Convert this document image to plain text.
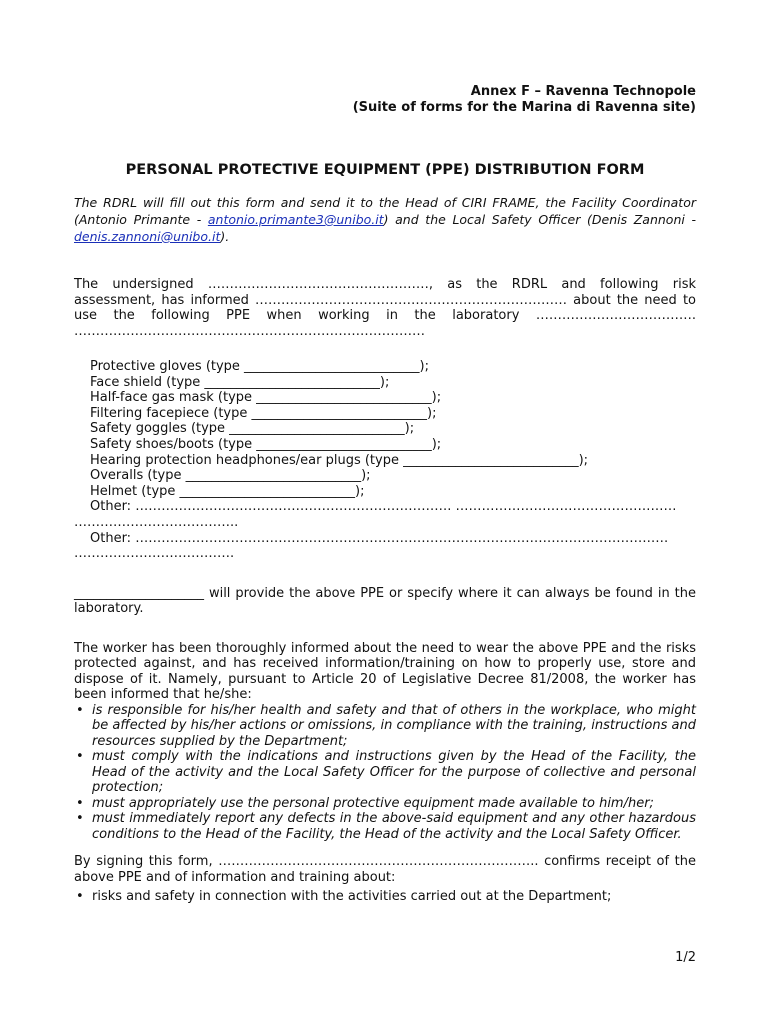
Annex F – Ravenna Technopole
(Suite of forms for the Marina di Ravenna site)
PERSONAL PROTECTIVE EQUIPMENT (PPE) DISTRIBUTION FORM
The RDRL will fill out this form and send it to the Head of CIRI FRAME, the Facility Coordinator (Antonio Primante - antonio.primante3@unibo.it) and the Local Safety Officer (Denis Zannoni - denis.zannoni@unibo.it).
The undersigned ……………………………………………, as the RDRL and following risk assessment, has informed ……………………………………………………………… about the need to use the following PPE when working in the laboratory ………………………………. ………………………………………………………………………
Protective gloves (type ___________________________);
Face shield (type ___________________________);
Half-face gas mask (type ___________________________);
Filtering facepiece (type ___________________________);
Safety goggles (type ___________________________);
Safety shoes/boots (type ___________________________);
Hearing protection headphones/ear plugs (type ___________________________);
Overalls (type ___________________________);
Helmet (type ___________________________);
Other: ………………………………………………………………. ……………………………………………
………………………………..
Other: ……………………………………………………………………………………………………………
……………………………….
____________________ will provide the above PPE or specify where it can always be found in the laboratory.
The worker has been thoroughly informed about the need to wear the above PPE and the risks protected against, and has received information/training on how to properly use, store and dispose of it. Namely, pursuant to Article 20 of Legislative Decree 81/2008, the worker has been informed that he/she:
• is responsible for his/her health and safety and that of others in the workplace, who might be affected by his/her actions or omissions, in compliance with the training, instructions and resources supplied by the Department;
• must comply with the indications and instructions given by the Head of the Facility, the Head of the activity and the Local Safety Officer for the purpose of collective and personal protection;
• must appropriately use the personal protective equipment made available to him/her;
• must immediately report any defects in the above-said equipment and any other hazardous conditions to the Head of the Facility, the Head of the activity and the Local Safety Officer.
By signing this form, ……………………………………………………………….. confirms receipt of the above PPE and of information and training about:
• risks and safety in connection with the activities carried out at the Department;
1/2
